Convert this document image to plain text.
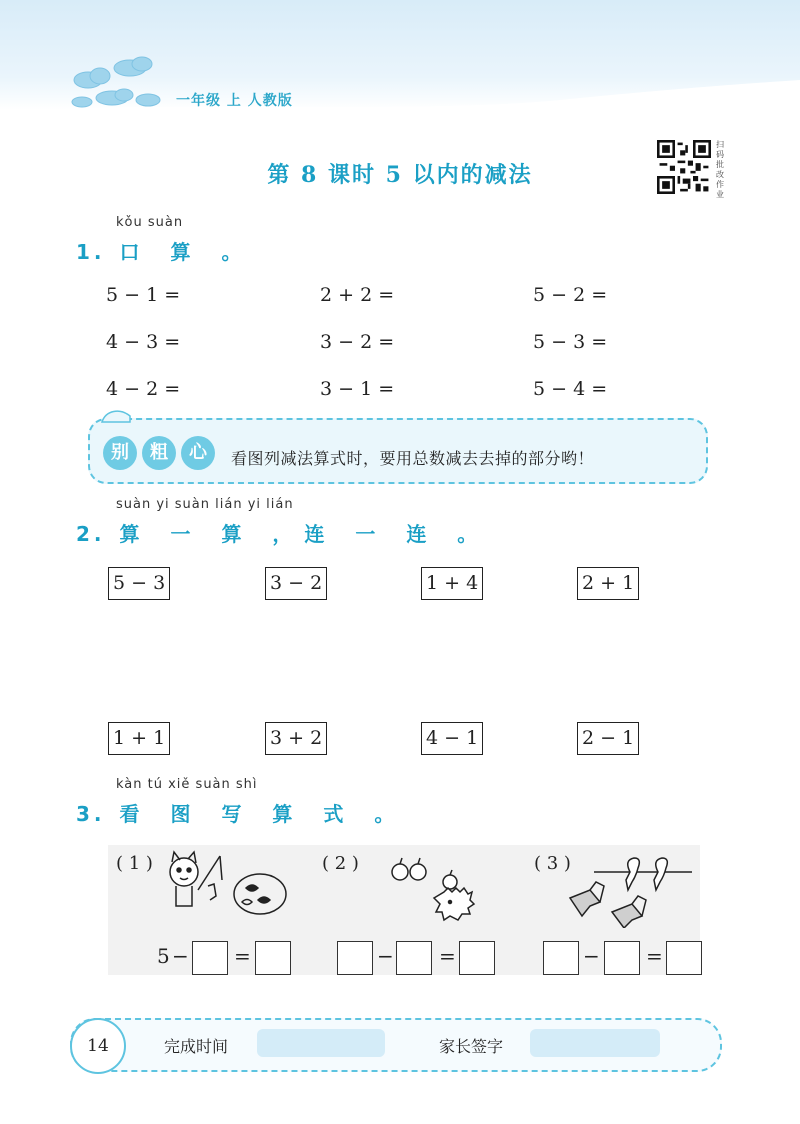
一年级 上 人教版
第 8 课时 5 以内的减法
扫码批改作业
kǒu suàn
1. 口 算 。
5 − 1 =	2 + 2 =	5 − 2 =
4 − 3 =	3 − 2 =	5 − 3 =
4 − 2 =	3 − 1 =	5 − 4 =
别	粗	心	看图列减法算式时，要用总数减去去掉的部分哟！
suàn yi suàn lián yi lián
2. 算 一 算 ，连 一 连 。
5 − 3	3 − 2	1 + 4	2 + 1
1 + 1	3 + 2	4 − 1	2 − 1
kàn tú xiě suàn shì
3. 看 图 写 算 式 。
( 1 )	( 2 )	( 3 )
5 − =	− =	− =
14	完成时间	家长签字
